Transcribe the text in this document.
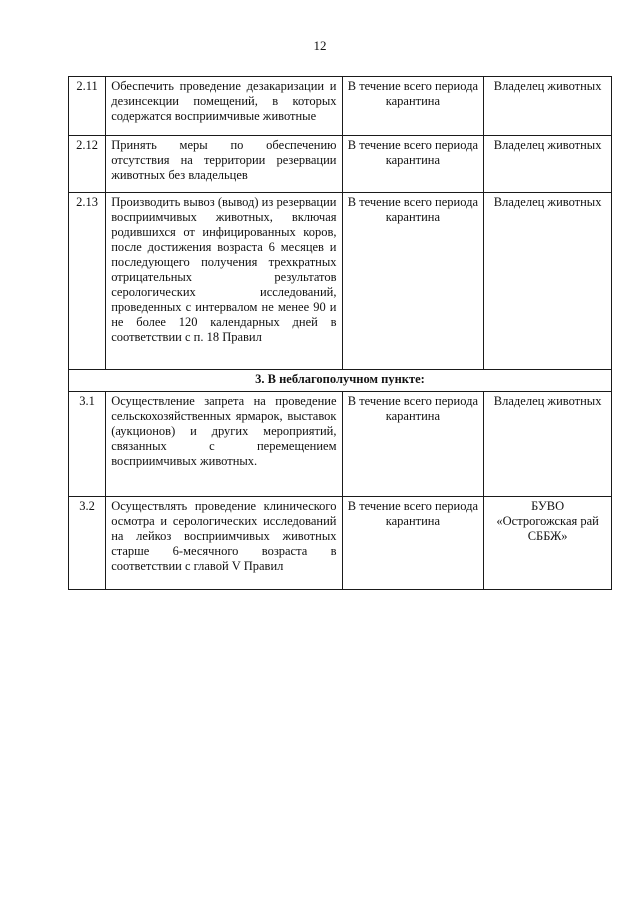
12
2.11	Обеспечить проведение дезакаризации и дезинсекции помещений, в которых содержатся восприимчивые животные	В течение всего периода карантина	Владелец животных
2.12	Принять меры по обеспечению отсутствия на территории резервации животных без владельцев	В течение всего периода карантина	Владелец животных
2.13	Производить вывоз (вывод) из резервации восприимчивых животных, включая родившихся от инфицированных коров, после достижения возраста 6 месяцев и последующего получения трехкратных отрицательных результатов серологических исследований, проведенных с интервалом не менее 90 и не более 120 календарных дней в соответствии с п. 18 Правил	В течение всего периода карантина	Владелец животных
3. В неблагополучном пункте:			
3.1	Осуществление запрета на проведение сельскохозяйственных ярмарок, выставок (аукционов) и других мероприятий, связанных с перемещением восприимчивых животных.	В течение всего периода карантина	Владелец животных
3.2	Осуществлять проведение клинического осмотра и серологических исследований на лейкоз восприимчивых животных старше 6-месячного возраста в соответствии с главой V Правил	В течение всего периода карантина	БУВО «Острогожская рай СББЖ»
